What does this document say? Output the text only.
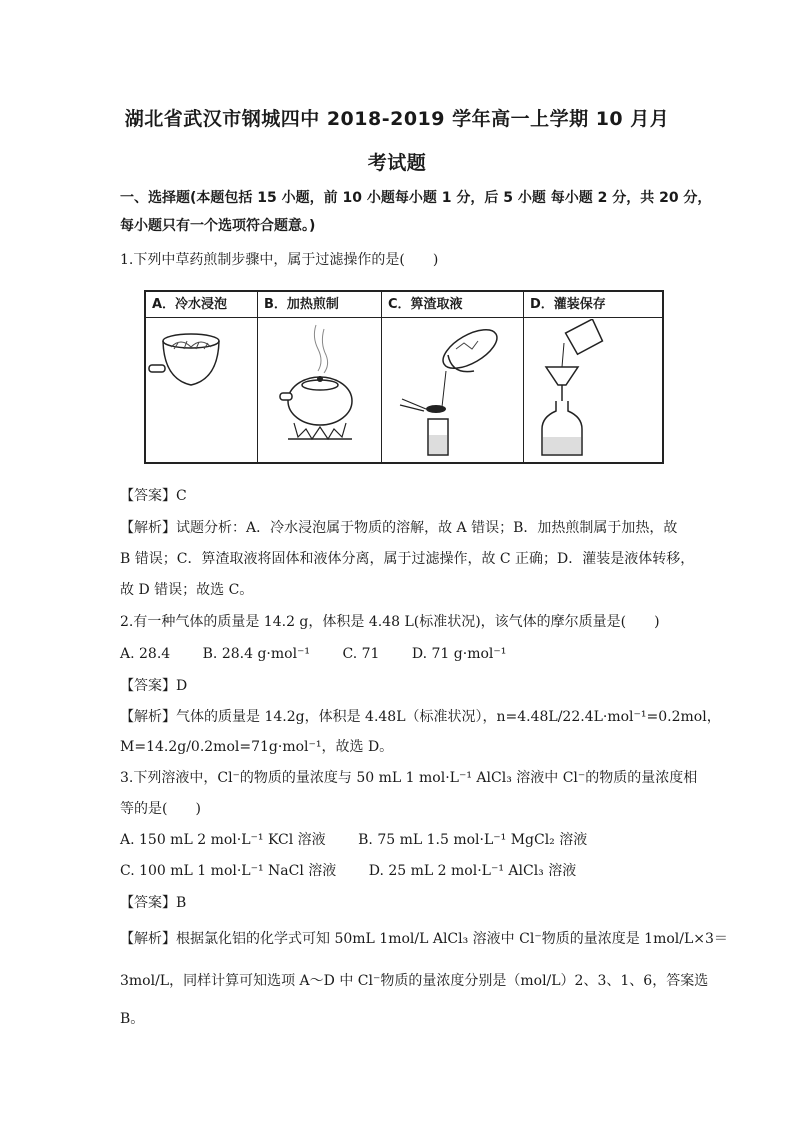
湖北省武汉市钢城四中 2018-2019 学年高一上学期 10 月月
考试题
一、选择题(本题包括 15 小题，前 10 小题每小题 1 分，后 5 小题 每小题 2 分，共 20 分，
每小题只有一个选项符合题意。)
1.下列中草药煎制步骤中，属于过滤操作的是(　　)
A．冷水浸泡	B．加热煎制	C．箅渣取液	D．灌装保存
【答案】C
【解析】试题分析：A．冷水浸泡属于物质的溶解，故 A 错误；B．加热煎制属于加热，故
B 错误；C．箅渣取液将固体和液体分离，属于过滤操作，故 C 正确；D．灌装是液体转移，
故 D 错误；故选 C。
2.有一种气体的质量是 14.2 g，体积是 4.48 L(标准状况)，该气体的摩尔质量是(　　)
A. 28.4 B. 28.4 g·mol⁻¹ C. 71 D. 71 g·mol⁻¹
【答案】D
【解析】气体的质量是 14.2g，体积是 4.48L（标准状况），n=4.48L/22.4L·mol⁻¹=0.2mol，
M=14.2g/0.2mol=71g·mol⁻¹，故选 D。
3.下列溶液中，Cl⁻的物质的量浓度与 50 mL 1 mol·L⁻¹ AlCl₃ 溶液中 Cl⁻的物质的量浓度相
等的是(　　)
A. 150 mL 2 mol·L⁻¹ KCl 溶液 B. 75 mL 1.5 mol·L⁻¹ MgCl₂ 溶液
C. 100 mL 1 mol·L⁻¹ NaCl 溶液 D. 25 mL 2 mol·L⁻¹ AlCl₃ 溶液
【答案】B
【解析】根据氯化铝的化学式可知 50mL 1mol/L AlCl₃ 溶液中 Cl⁻物质的量浓度是 1mol/L×3＝
3mol/L，同样计算可知选项 A～D 中 Cl⁻物质的量浓度分别是（mol/L）2、3、1、6，答案选
B。
